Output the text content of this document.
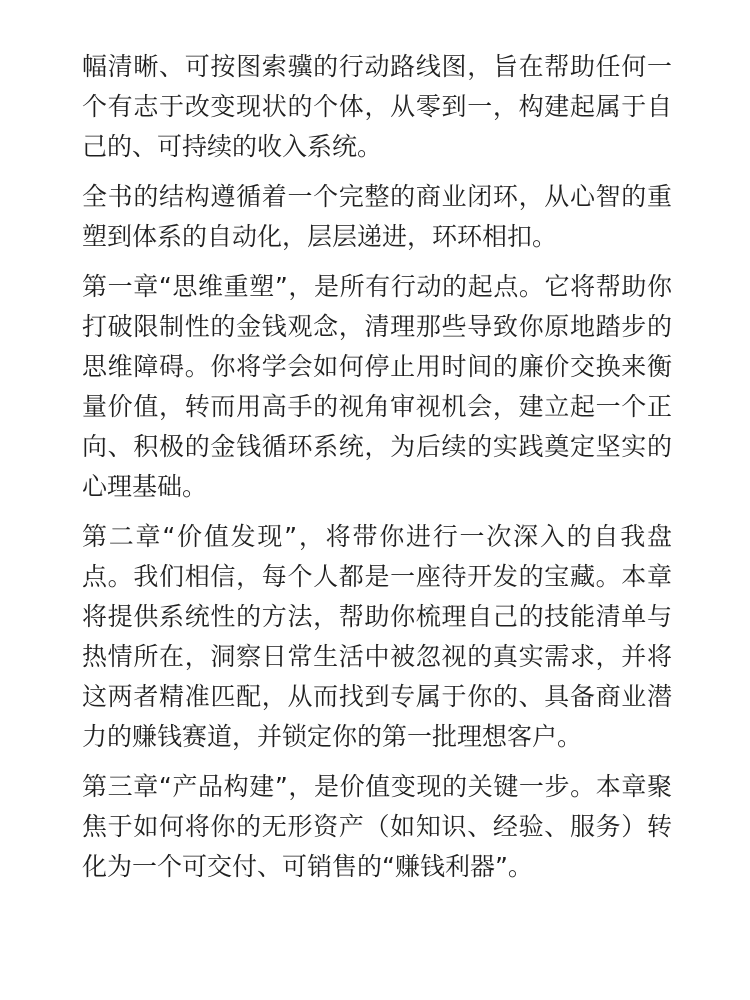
幅清晰、可按图索骥的行动路线图，旨在帮助任何一个有志于改变现状的个体，从零到一，构建起属于自己的、可持续的收入系统。

全书的结构遵循着一个完整的商业闭环，从心智的重塑到体系的自动化，层层递进，环环相扣。

第一章“思维重塑”，是所有行动的起点。它将帮助你打破限制性的金钱观念，清理那些导致你原地踏步的思维障碍。你将学会如何停止用时间的廉价交换来衡量价值，转而用高手的视角审视机会，建立起一个正向、积极的金钱循环系统，为后续的实践奠定坚实的心理基础。

第二章“价值发现”，将带你进行一次深入的自我盘点。我们相信，每个人都是一座待开发的宝藏。本章将提供系统性的方法，帮助你梳理自己的技能清单与热情所在，洞察日常生活中被忽视的真实需求，并将这两者精准匹配，从而找到专属于你的、具备商业潜力的赚钱赛道，并锁定你的第一批理想客户。

第三章“产品构建”，是价值变现的关键一步。本章聚焦于如何将你的无形资产（如知识、经验、服务）转化为一个可交付、可销售的“赚钱利器”。
